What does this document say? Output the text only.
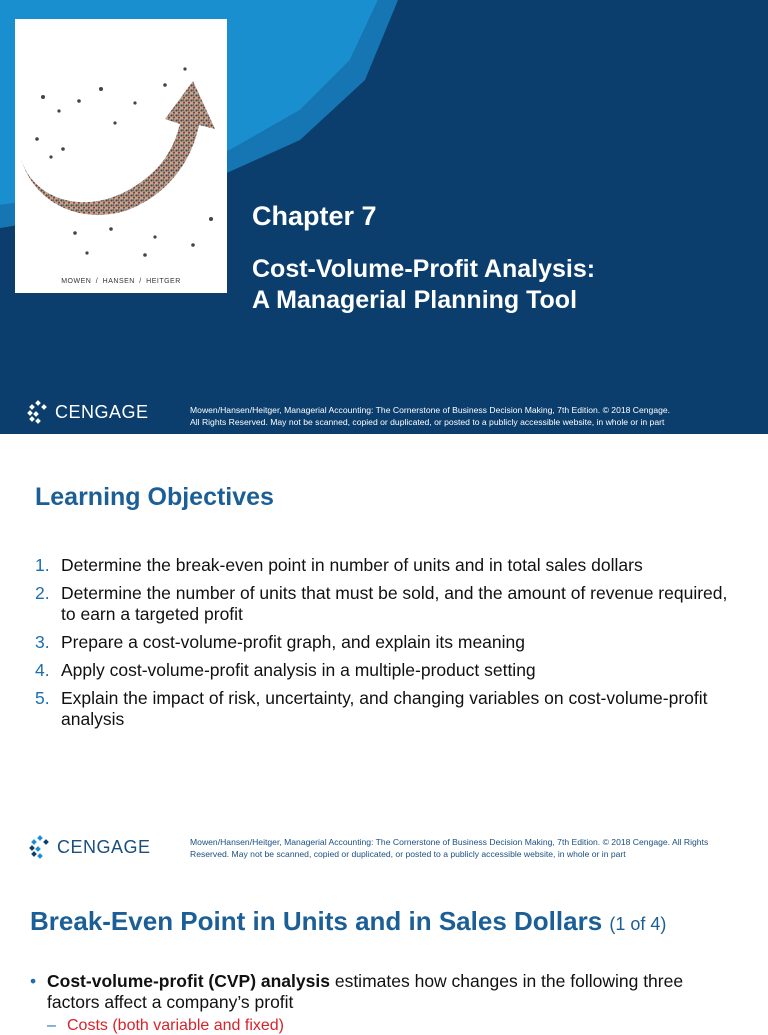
MOWEN / HANSEN / HEITGER
Chapter 7
Cost-Volume-Profit Analysis:
A Managerial Planning Tool
CENGAGE	Mowen/Hansen/Heitger, Managerial Accounting: The Cornerstone of Business Decision Making, 7th Edition. © 2018 Cengage.
All Rights Reserved. May not be scanned, copied or duplicated, or posted to a publicly accessible website, in whole or in part
Learning Objectives
1. Determine the break-even point in number of units and in total sales dollars
2. Determine the number of units that must be sold, and the amount of revenue required, to earn a targeted profit
3. Prepare a cost-volume-profit graph, and explain its meaning
4. Apply cost-volume-profit analysis in a multiple-product setting
5. Explain the impact of risk, uncertainty, and changing variables on cost-volume-profit analysis
CENGAGE	Mowen/Hansen/Heitger, Managerial Accounting: The Cornerstone of Business Decision Making, 7th Edition. © 2018 Cengage. All Rights Reserved. May not be scanned, copied or duplicated, or posted to a publicly accessible website, in whole or in part
Break-Even Point in Units and in Sales Dollars (1 of 4)
• Cost-volume-profit (CVP) analysis estimates how changes in the following three factors affect a company’s profit
– Costs (both variable and fixed)
